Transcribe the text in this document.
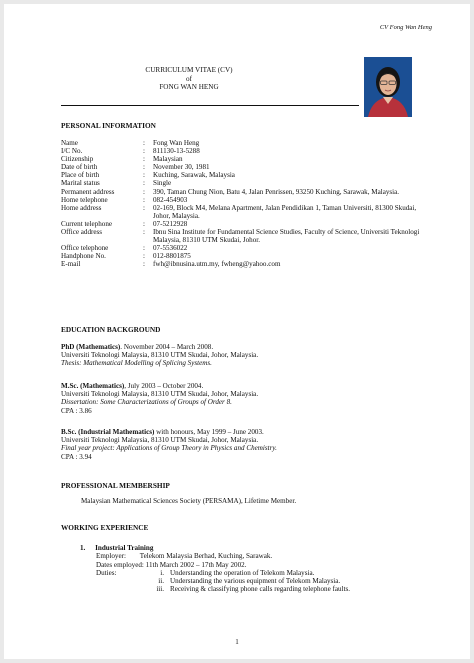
CV Fong Wan Heng
CURRICULUM VITAE (CV)
of
FONG WAN HENG
PERSONAL INFORMATION
Name	:	Fong Wan Heng
I/C No.	:	811130-13-5288
Citizenship	:	Malaysian
Date of birth	:	November 30, 1981
Place of birth	:	Kuching, Sarawak, Malaysia
Marital status	:	Single
Permanent address	:	390, Taman Chung Nion, Batu 4, Jalan Penrissen, 93250 Kuching, Sarawak, Malaysia.
Home telephone	:	082-454903
Home address	:	02-169, Block M4, Melana Apartment, Jalan Pendidikan 1, Taman Universiti, 81300 Skudai, Johor, Malaysia.
Current telephone	:	07-5212928
Office address	:	Ibnu Sina Institute for Fundamental Science Studies, Faculty of Science, Universiti Teknologi Malaysia, 81310 UTM Skudai, Johor.
Office telephone	:	07-5536022
Handphone No.	:	012-8801875
E-mail	:	fwh@ibnusina.utm.my, fwheng@yahoo.com
EDUCATION BACKGROUND
PhD (Mathematics). November 2004 – March 2008.
Universiti Teknologi Malaysia, 81310 UTM Skudai, Johor, Malaysia.
Thesis: Mathematical Modelling of Splicing Systems.
M.Sc. (Mathematics), July 2003 – October 2004.
Universiti Teknologi Malaysia, 81310 UTM Skudai, Johor, Malaysia.
Dissertation: Some Characterizations of Groups of Order 8.
CPA : 3.86
B.Sc. (Industrial Mathematics) with honours, May 1999 – June 2003.
Universiti Teknologi Malaysia, 81310 UTM Skudai, Johor, Malaysia.
Final year project: Applications of Group Theory in Physics and Chemistry.
CPA : 3.94
PROFESSIONAL MEMBERSHIP
Malaysian Mathematical Sciences Society (PERSAMA), Lifetime Member.
WORKING EXPERIENCE
1. Industrial Training
Employer: Telekom Malaysia Berhad, Kuching, Sarawak.
Dates employed: 11th March 2002 – 17th May 2002.
Duties:	i. Understanding the operation of Telekom Malaysia.
ii. Understanding the various equipment of Telekom Malaysia.
iii. Receiving & classifying phone calls regarding telephone faults.
1
